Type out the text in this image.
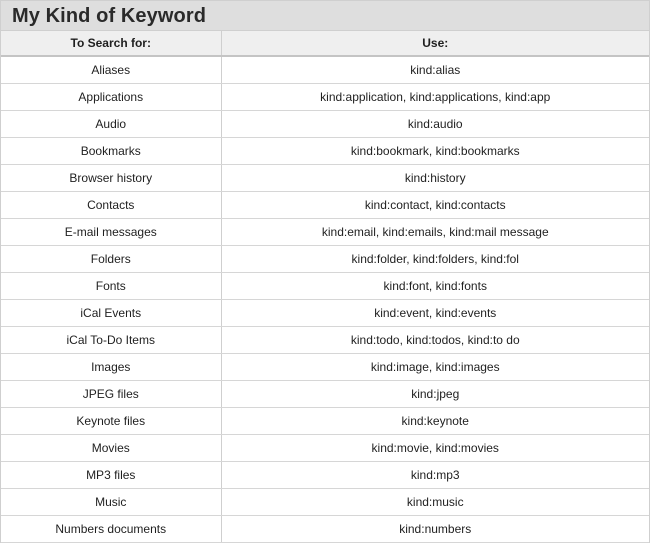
My Kind of Keyword
To Search for:	Use:
Aliases	kind:alias
Applications	kind:application, kind:applications, kind:app
Audio	kind:audio
Bookmarks	kind:bookmark, kind:bookmarks
Browser history	kind:history
Contacts	kind:contact, kind:contacts
E-mail messages	kind:email, kind:emails, kind:mail message
Folders	kind:folder, kind:folders, kind:fol
Fonts	kind:font, kind:fonts
iCal Events	kind:event, kind:events
iCal To-Do Items	kind:todo, kind:todos, kind:to do
Images	kind:image, kind:images
JPEG files	kind:jpeg
Keynote files	kind:keynote
Movies	kind:movie, kind:movies
MP3 files	kind:mp3
Music	kind:music
Numbers documents	kind:numbers
